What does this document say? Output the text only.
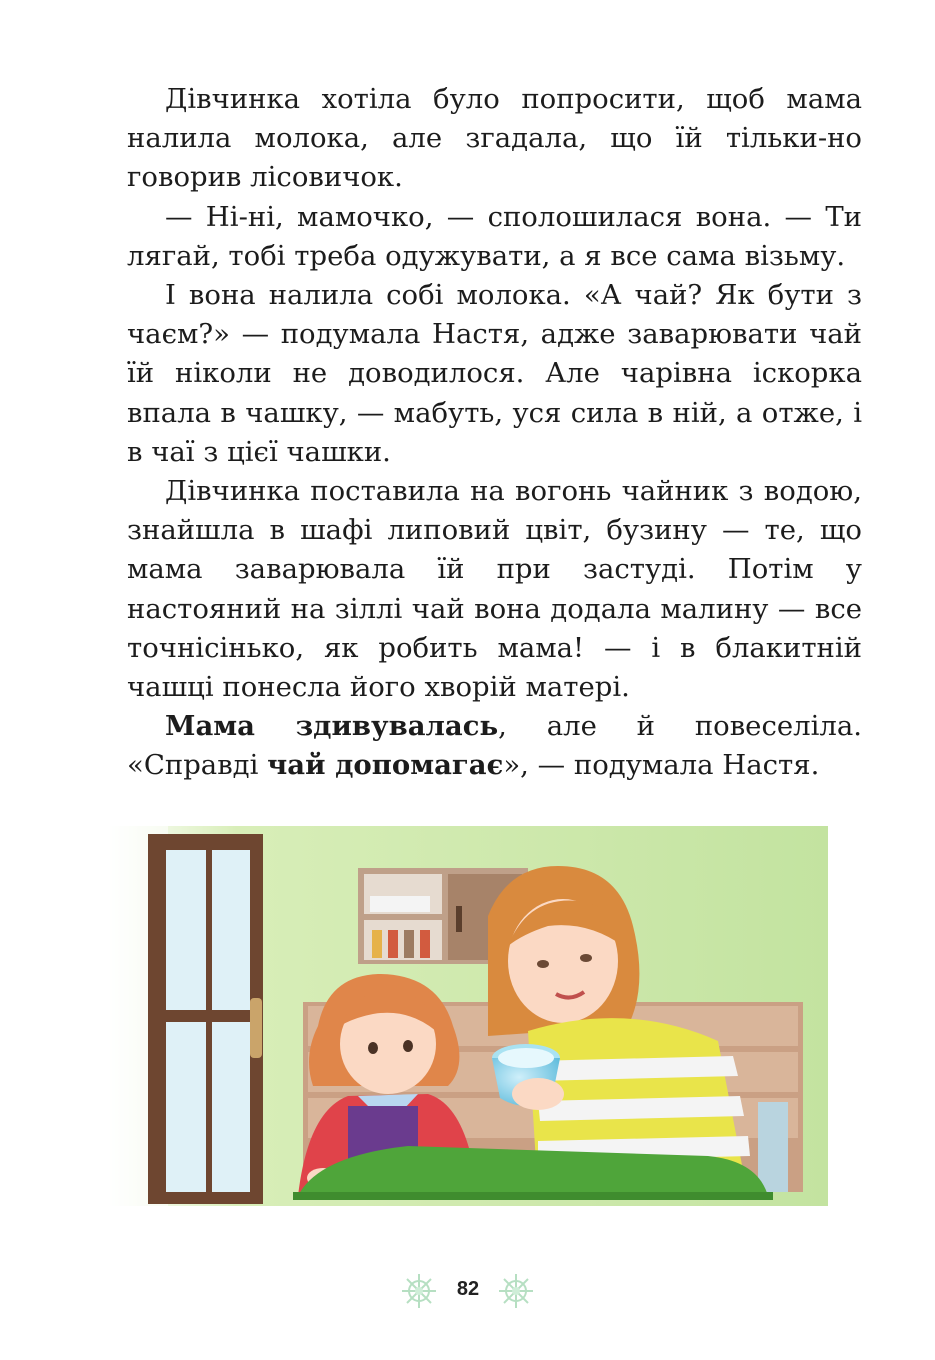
Дівчинка хотіла було попросити, щоб мама налила молока, але згадала, що їй тільки-но говорив лісовичок.

— Ні-ні, мамочко, — сполошилася вона. — Ти лягай, тобі треба одужувати, а я все сама візьму.

І вона налила собі молока. «А чай? Як бути з чаєм?» — подумала Настя, адже заварювати чай їй ніколи не доводилося. Але чарівна іскорка впала в чашку, — мабуть, уся сила в ній, а отже, і в чаї з цієї чашки.

Дівчинка поставила на вогонь чайник з водою, знайшла в шафі липовий цвіт, бузину — те, що мама заварювала їй при застуді. Потім у настояний на зіллі чай вона додала малину — все точнісінько, як робить мама! — і в блакитній чашці понесла його хворій матері.

Мама здивувалась, але й повеселіла. «Справді чай допомагає», — подумала Настя.

82
